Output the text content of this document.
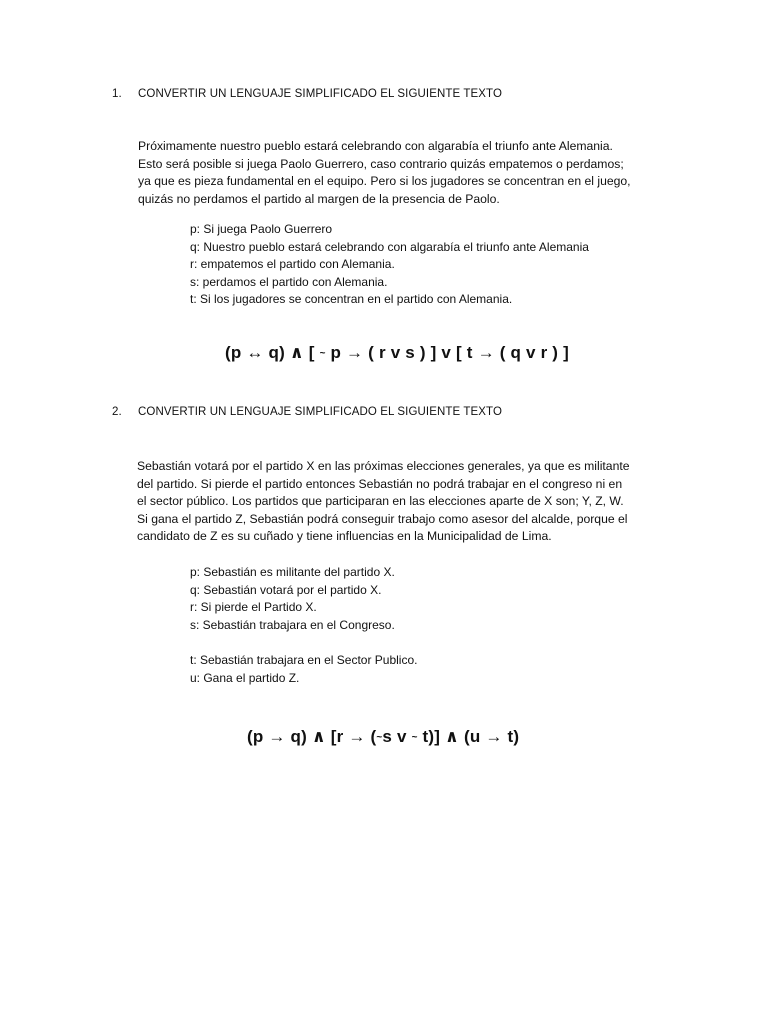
1. CONVERTIR UN LENGUAJE SIMPLIFICADO EL SIGUIENTE TEXTO
Próximamente nuestro pueblo estará celebrando con algarabía el triunfo ante Alemania.
Esto será posible si juega Paolo Guerrero, caso contrario quizás empatemos o perdamos;
ya que es pieza fundamental en el equipo. Pero si los jugadores se concentran en el juego,
quizás no perdamos el partido al margen de la presencia de Paolo.
p: Si juega Paolo Guerrero
q: Nuestro pueblo estará celebrando con algarabía el triunfo ante Alemania
r: empatemos el partido con Alemania.
s: perdamos el partido con Alemania.
t: Si los jugadores se concentran en el partido con Alemania.
(p ↔ q) ∧ [ ~ p → ( r v s ) ] v [ t → ( q v r ) ]
2. CONVERTIR UN LENGUAJE SIMPLIFICADO EL SIGUIENTE TEXTO
Sebastián votará por el partido X en las próximas elecciones generales, ya que es militante
del partido. Si pierde el partido entonces Sebastián no podrá trabajar en el congreso ni en
el sector público. Los partidos que participaran en las elecciones aparte de X son; Y, Z, W.
Si gana el partido Z, Sebastián podrá conseguir trabajo como asesor del alcalde, porque el
candidato de Z es su cuñado y tiene influencias en la Municipalidad de Lima.
p: Sebastián es militante del partido X.
q: Sebastián votará por el partido X.
r: Si pierde el Partido X.
s: Sebastián trabajara en el Congreso.
t: Sebastián trabajara en el Sector Publico.
u: Gana el partido Z.
(p → q) ∧ [r → (~s v ~ t)] ∧ (u → t)
